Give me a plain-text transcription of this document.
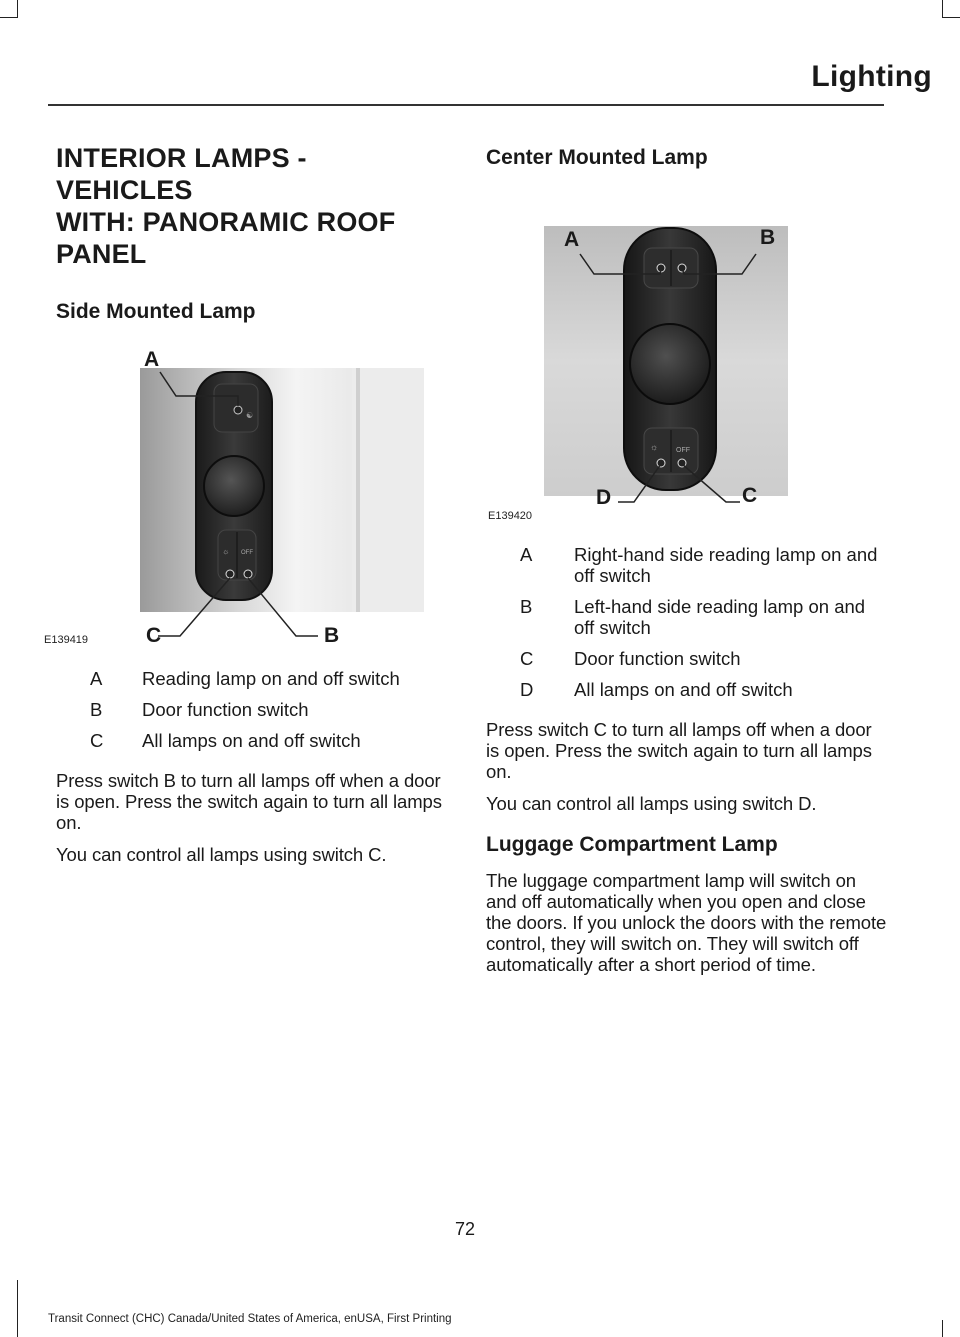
Lighting
INTERIOR LAMPS - VEHICLES
WITH: PANORAMIC ROOF
PANEL
Side Mounted Lamp
☯
☼ OFF
A
C	B
E139419
A Reading lamp on and off switch
B Door function switch
C All lamps on and off switch

Press switch B to turn all lamps off when a door is open. Press the switch again to turn all lamps on.

You can control all lamps using switch C.

Center Mounted Lamp
☼	OFF
A	B
D	C
E139420
A Right-hand side reading lamp on and off switch
B Left-hand side reading lamp on and off switch
C Door function switch
D All lamps on and off switch

Press switch C to turn all lamps off when a door is open. Press the switch again to turn all lamps on.

You can control all lamps using switch D.

Luggage Compartment Lamp

The luggage compartment lamp will switch on and off automatically when you open and close the doors. If you unlock the doors with the remote control, they will switch on. They will switch off automatically after a short period of time.

72
Transit Connect (CHC) Canada/United States of America, enUSA, First Printing
